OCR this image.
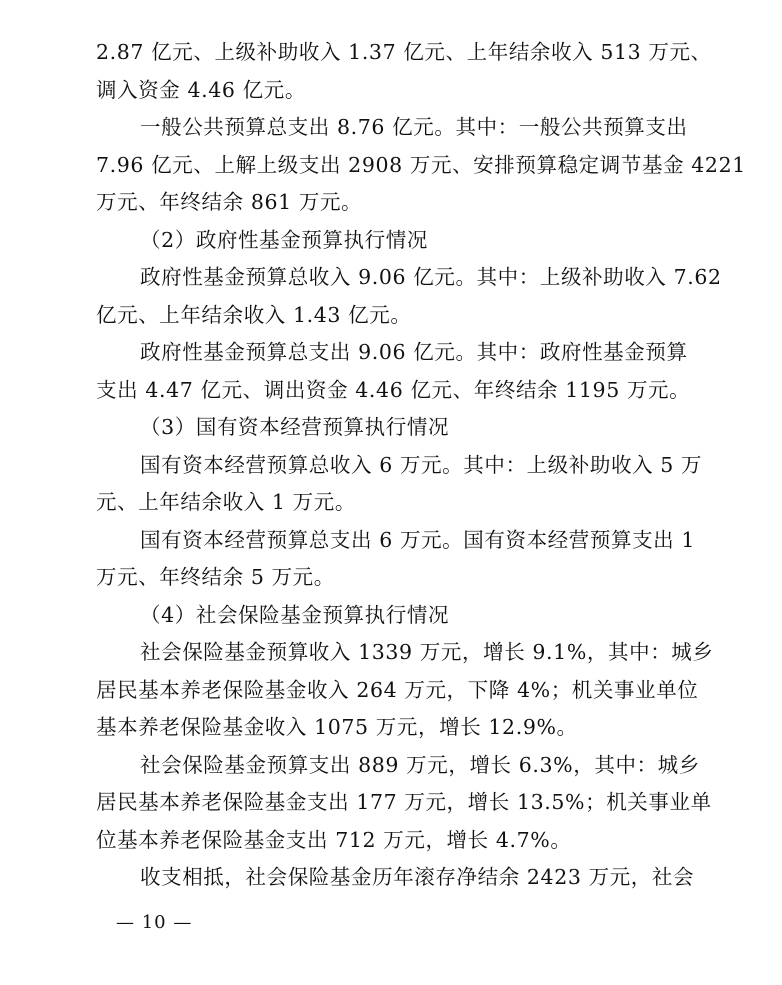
2.87 亿元、上级补助收入 1.37 亿元、上年结余收入 513 万元、
调入资金 4.46 亿元。
一般公共预算总支出 8.76 亿元。其中：一般公共预算支出
7.96 亿元、上解上级支出 2908 万元、安排预算稳定调节基金 4221
万元、年终结余 861 万元。
（2）政府性基金预算执行情况
政府性基金预算总收入 9.06 亿元。其中：上级补助收入 7.62
亿元、上年结余收入 1.43 亿元。
政府性基金预算总支出 9.06 亿元。其中：政府性基金预算
支出 4.47 亿元、调出资金 4.46 亿元、年终结余 1195 万元。
（3）国有资本经营预算执行情况
国有资本经营预算总收入 6 万元。其中：上级补助收入 5 万
元、上年结余收入 1 万元。
国有资本经营预算总支出 6 万元。国有资本经营预算支出 1
万元、年终结余 5 万元。
（4）社会保险基金预算执行情况
社会保险基金预算收入 1339 万元，增长 9.1%，其中：城乡
居民基本养老保险基金收入 264 万元，下降 4%；机关事业单位
基本养老保险基金收入 1075 万元，增长 12.9%。
社会保险基金预算支出 889 万元，增长 6.3%，其中：城乡
居民基本养老保险基金支出 177 万元，增长 13.5%；机关事业单
位基本养老保险基金支出 712 万元，增长 4.7%。
收支相抵，社会保险基金历年滚存净结余 2423 万元，社会
— 10 —
